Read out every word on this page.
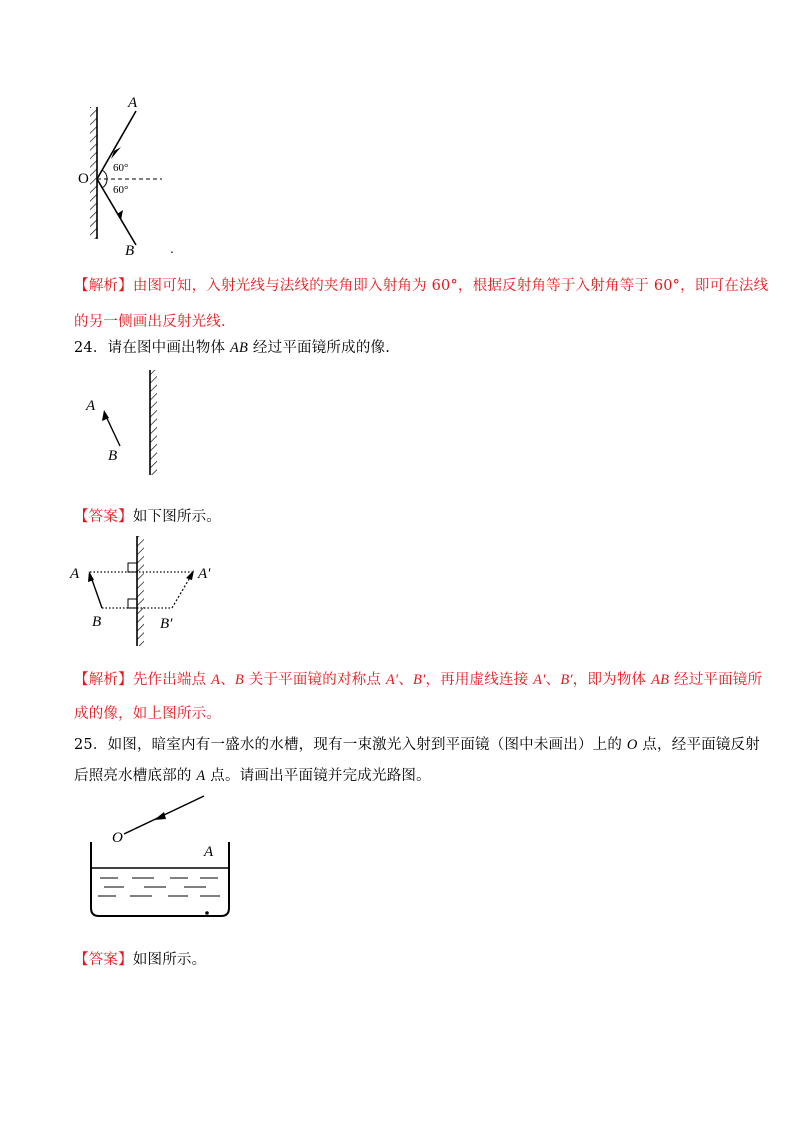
A
B
O
60°
60°
.
【解析】由图可知，入射光线与法线的夹角即入射角为 60°，根据反射角等于入射角等于 60°，即可在法线
的另一侧画出反射光线.
24．请在图中画出物体 AB 经过平面镜所成的像.
A
B
【答案】如下图所示。
A
B
A′
B′
【解析】先作出端点 A、B 关于平面镜的对称点 A′、B′，再用虚线连接 A′、B′，即为物体 AB 经过平面镜所
成的像，如上图所示。
25．如图，暗室内有一盛水的水槽，现有一束激光入射到平面镜（图中未画出）上的 O 点，经平面镜反射
后照亮水槽底部的 A 点。请画出平面镜并完成光路图。
O
A
【答案】如图所示。
